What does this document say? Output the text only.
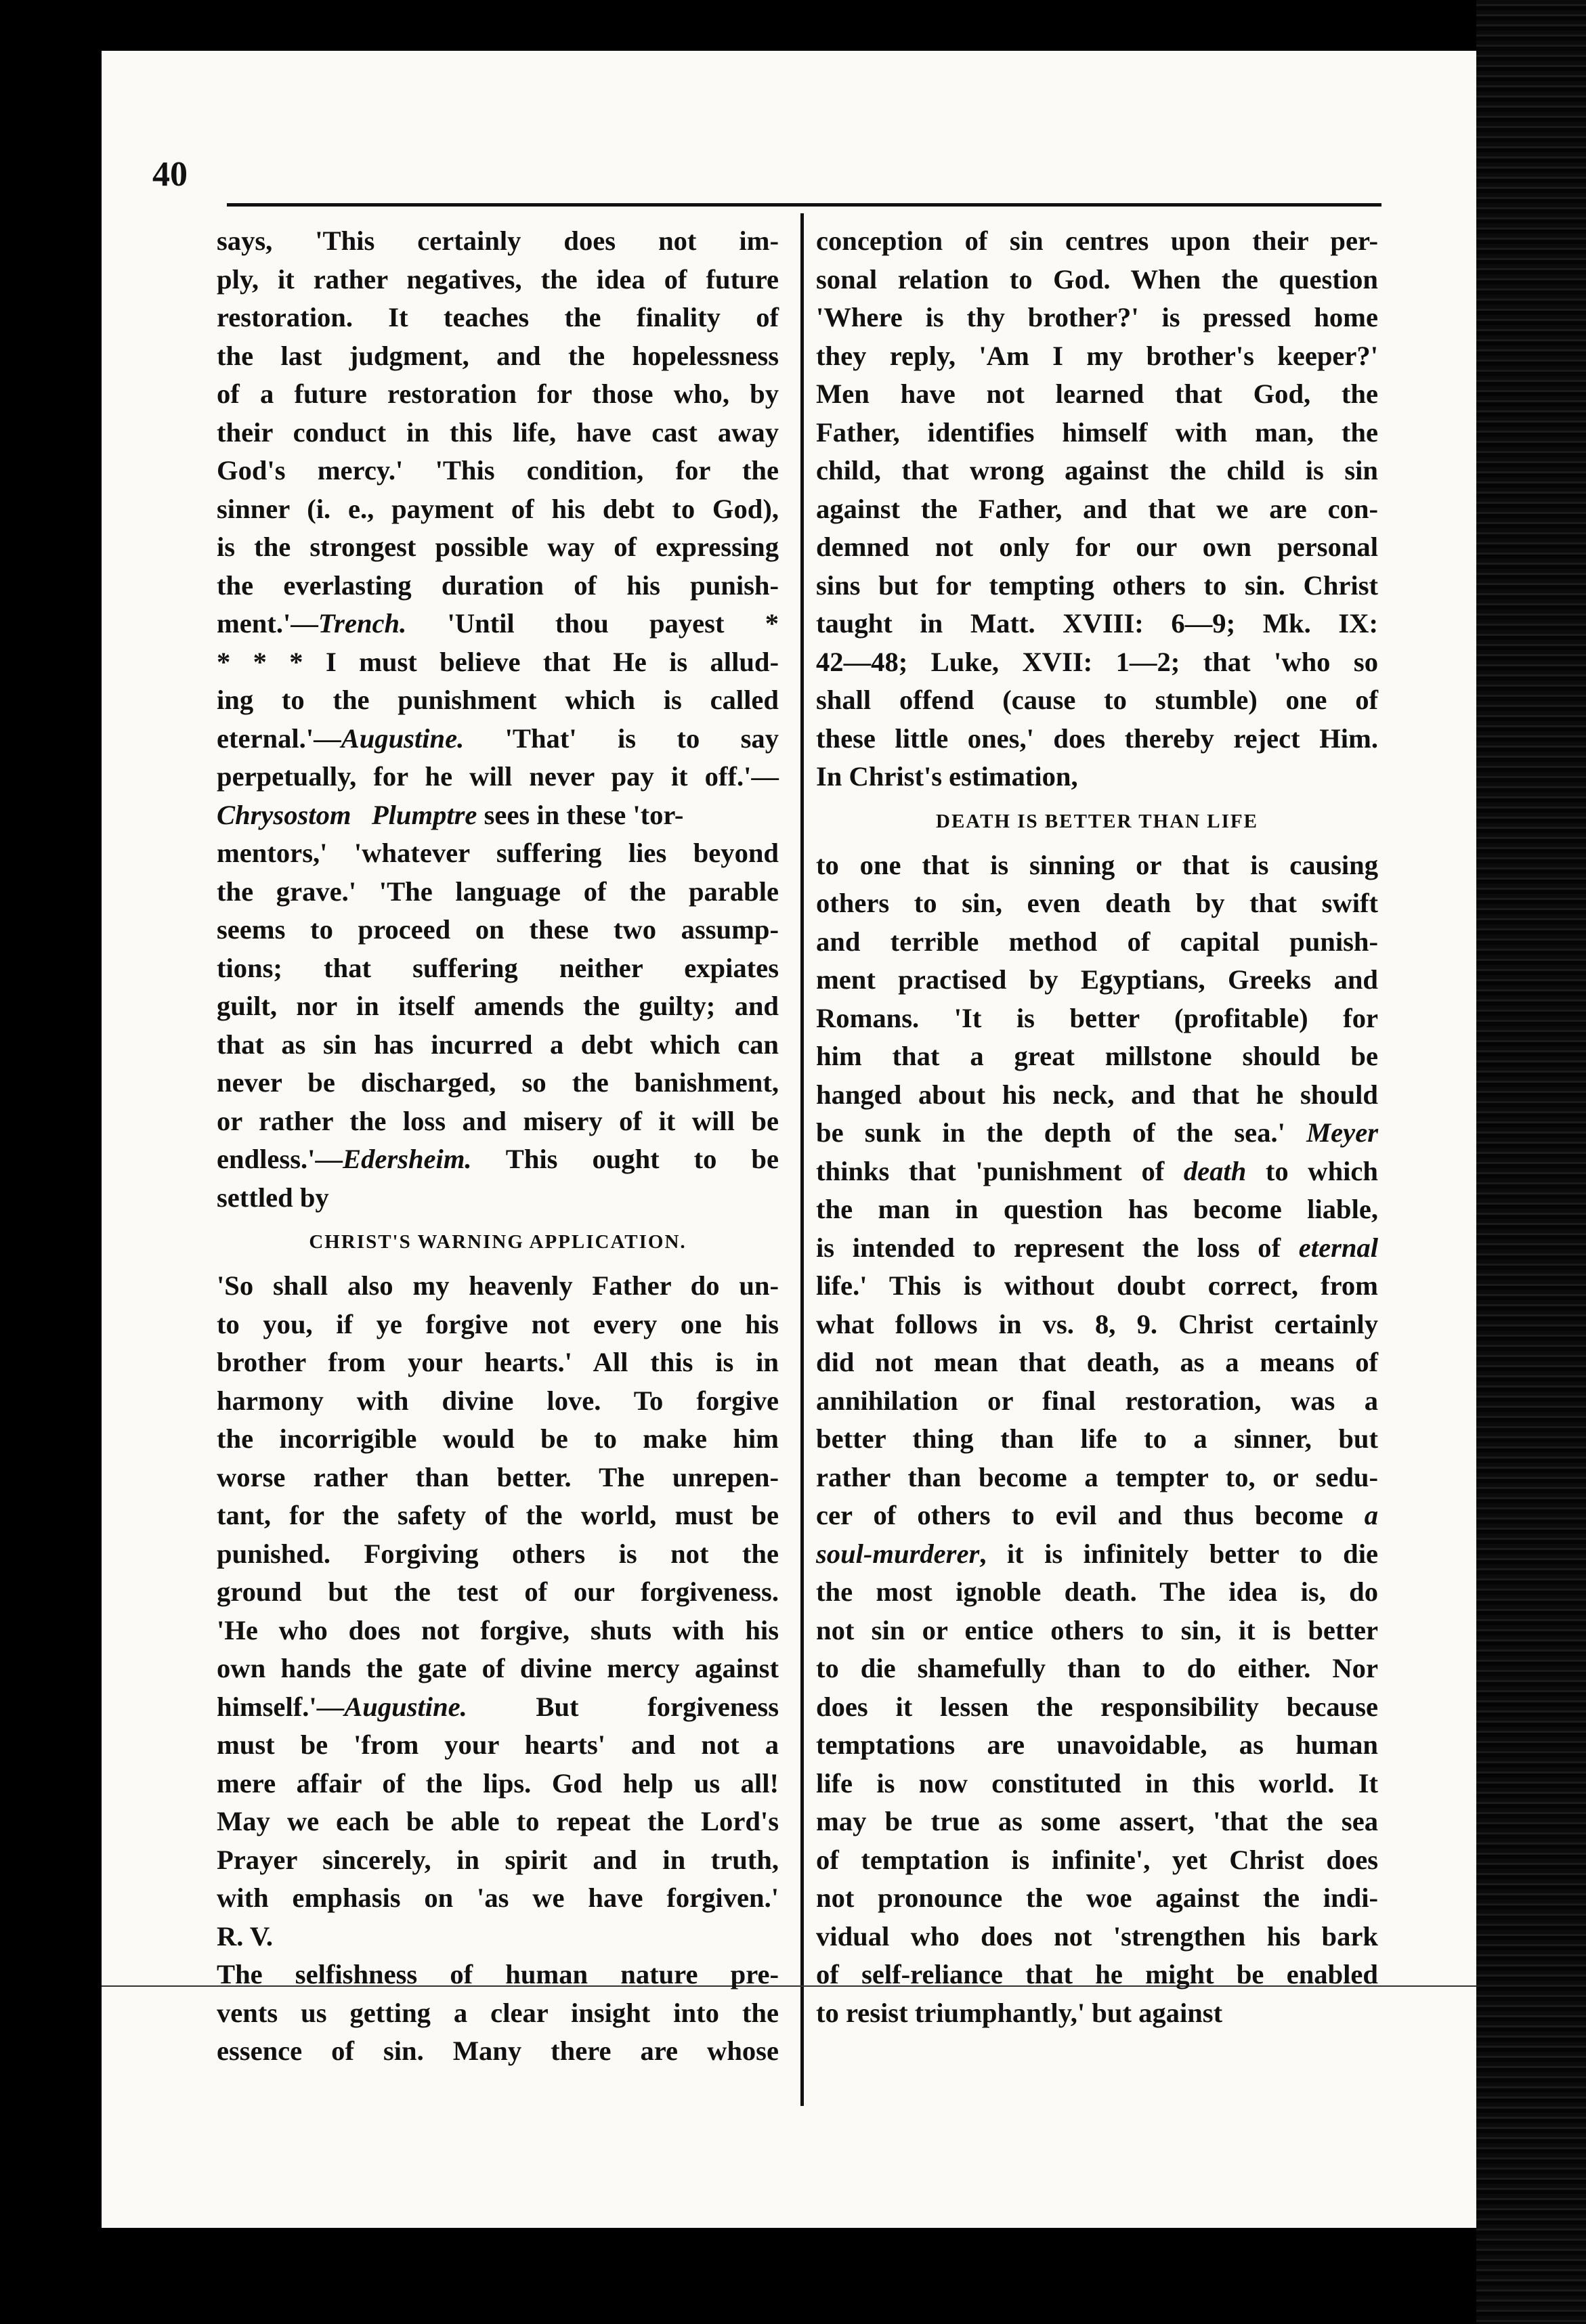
40
says, 'This certainly does not im-
ply, it rather negatives, the idea of future
restoration. It teaches the finality of
the last judgment, and the hopelessness
of a future restoration for those who, by
their conduct in this life, have cast away
God's mercy.' 'This condition, for the
sinner (i. e., payment of his debt to God),
is the strongest possible way of expressing
the everlasting duration of his punish-
ment.'—Trench. 'Until thou payest *
* * * I must believe that He is allud-
ing to the punishment which is called
eternal.'—Augustine. 'That' is to say
perpetually, for he will never pay it off.'—
Chrysostom Plumptre sees in these 'tor-
mentors,' 'whatever suffering lies beyond
the grave.' 'The language of the parable
seems to proceed on these two assump-
tions; that suffering neither expiates
guilt, nor in itself amends the guilty; and
that as sin has incurred a debt which can
never be discharged, so the banishment,
or rather the loss and misery of it will be
endless.'—Edersheim. This ought to be
settled by
CHRIST'S WARNING APPLICATION.
'So shall also my heavenly Father do un-
to you, if ye forgive not every one his
brother from your hearts.' All this is in
harmony with divine love. To forgive
the incorrigible would be to make him
worse rather than better. The unrepen-
tant, for the safety of the world, must be
punished. Forgiving others is not the
ground but the test of our forgiveness.
'He who does not forgive, shuts with his
own hands the gate of divine mercy against
himself.'—Augustine. But forgiveness
must be 'from your hearts' and not a
mere affair of the lips. God help us all!
May we each be able to repeat the Lord's
Prayer sincerely, in spirit and in truth,
with emphasis on 'as we have forgiven.'
R. V.
The selfishness of human nature pre-
vents us getting a clear insight into the
essence of sin. Many there are whose
conception of sin centres upon their per-
sonal relation to God. When the question
'Where is thy brother?' is pressed home
they reply, 'Am I my brother's keeper?'
Men have not learned that God, the
Father, identifies himself with man, the
child, that wrong against the child is sin
against the Father, and that we are con-
demned not only for our own personal
sins but for tempting others to sin. Christ
taught in Matt. XVIII: 6—9; Mk. IX:
42—48; Luke, XVII: 1—2; that 'who so
shall offend (cause to stumble) one of
these little ones,' does thereby reject Him.
In Christ's estimation,
DEATH IS BETTER THAN LIFE
to one that is sinning or that is causing
others to sin, even death by that swift
and terrible method of capital punish-
ment practised by Egyptians, Greeks and
Romans. 'It is better (profitable) for
him that a great millstone should be
hanged about his neck, and that he should
be sunk in the depth of the sea.' Meyer
thinks that 'punishment of death to which
the man in question has become liable,
is intended to represent the loss of eternal
life.' This is without doubt correct, from
what follows in vs. 8, 9. Christ certainly
did not mean that death, as a means of
annihilation or final restoration, was a
better thing than life to a sinner, but
rather than become a tempter to, or sedu-
cer of others to evil and thus become a
soul-murderer, it is infinitely better to die
the most ignoble death. The idea is, do
not sin or entice others to sin, it is better
to die shamefully than to do either. Nor
does it lessen the responsibility because
temptations are unavoidable, as human
life is now constituted in this world. It
may be true as some assert, 'that the sea
of temptation is infinite', yet Christ does
not pronounce the woe against the indi-
vidual who does not 'strengthen his bark
of self-reliance that he might be enabled
to resist triumphantly,' but against
